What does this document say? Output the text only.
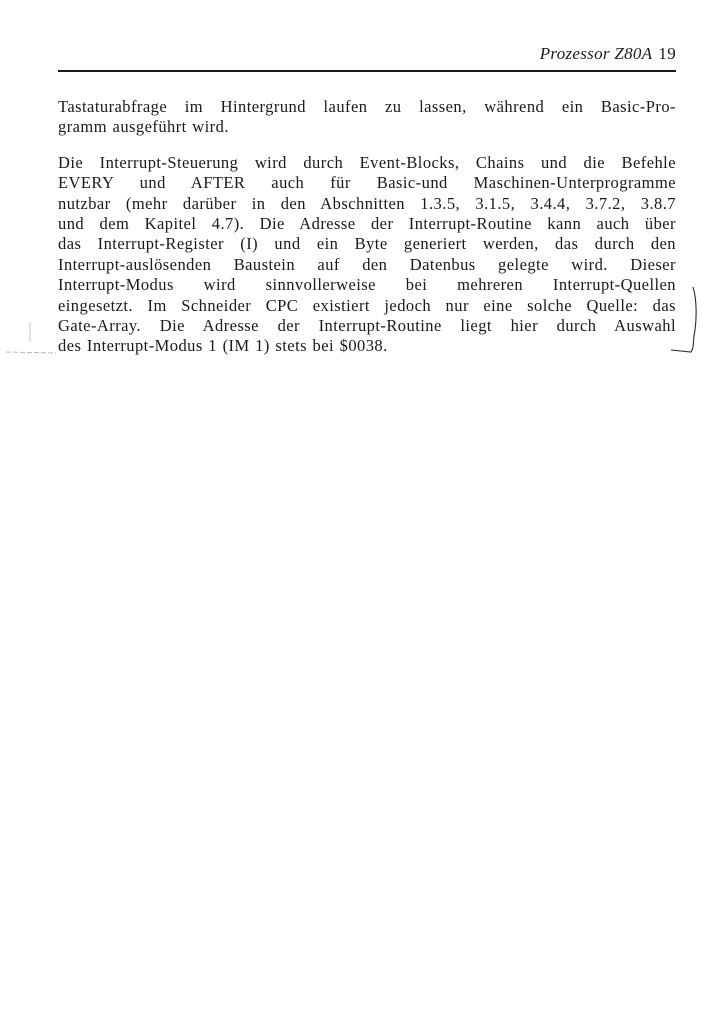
Prozessor Z80A 19

Tastaturabfrage im Hintergrund laufen zu lassen, während ein Basic-Pro-
gramm ausgeführt wird.

Die Interrupt-Steuerung wird durch Event-Blocks, Chains und die Befehle
EVERY und AFTER auch für Basic-und Maschinen-Unterprogramme
nutzbar (mehr darüber in den Abschnitten 1.3.5, 3.1.5, 3.4.4, 3.7.2, 3.8.7
und dem Kapitel 4.7). Die Adresse der Interrupt-Routine kann auch über
das Interrupt-Register (I) und ein Byte generiert werden, das durch den
Interrupt-auslösenden Baustein auf den Datenbus gelegte wird. Dieser
Interrupt-Modus wird sinnvollerweise bei mehreren Interrupt-Quellen
eingesetzt. Im Schneider CPC existiert jedoch nur eine solche Quelle: das
Gate-Array. Die Adresse der Interrupt-Routine liegt hier durch Auswahl
des Interrupt-Modus 1 (IM 1) stets bei $0038.
